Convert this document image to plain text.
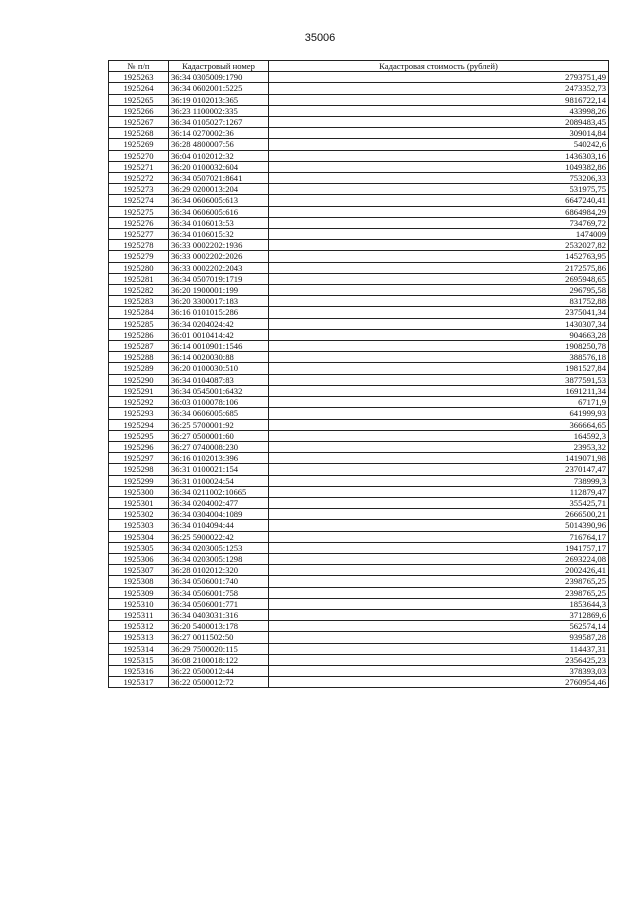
35006
№ п/п	Кадастровый номер	Кадастровая стоимость (рублей)
1925263	36:34 0305009:1790	2793751,49
1925264	36:34 0602001:5225	2473352,73
1925265	36:19 0102013:365	9816722,14
1925266	36:23 1100002:335	433998,26
1925267	36:34 0105027:1267	2089483,45
1925268	36:14 0270002:36	309014,84
1925269	36:28 4800007:56	540242,6
1925270	36:04 0102012:32	1436303,16
1925271	36:20 0100032:604	1049382,86
1925272	36:34 0507021:8641	753206,33
1925273	36:29 0200013:204	531975,75
1925274	36:34 0606005:613	6647240,41
1925275	36:34 0606005:616	6864984,29
1925276	36:34 0106013:53	734769,72
1925277	36:34 0106015:32	1474009
1925278	36:33 0002202:1936	2532027,82
1925279	36:33 0002202:2026	1452763,95
1925280	36:33 0002202:2043	2172575,86
1925281	36:34 0507019:1719	2695948,65
1925282	36:20 1900001:199	296795,58
1925283	36:20 3300017:183	831752,88
1925284	36:16 0101015:286	2375041,34
1925285	36:34 0204024:42	1430307,34
1925286	36:01 0010414:42	904663,28
1925287	36:14 0010901:1546	1908250,78
1925288	36:14 0020030:88	388576,18
1925289	36:20 0100030:510	1981527,84
1925290	36:34 0104087:83	3877591,53
1925291	36:34 0545001:6432	1691211,34
1925292	36:03 0100078:106	67171,9
1925293	36:34 0606005:685	641999,93
1925294	36:25 5700001:92	366664,65
1925295	36:27 0500001:60	164592,3
1925296	36:27 0740008:230	23953,32
1925297	36:16 0102013:396	1419071,98
1925298	36:31 0100021:154	2370147,47
1925299	36:31 0100024:54	738999,3
1925300	36:34 0211002:10665	112879,47
1925301	36:34 0204002:477	355425,71
1925302	36:34 0304004:1089	2666500,21
1925303	36:34 0104094:44	5014390,96
1925304	36:25 5900022:42	716764,17
1925305	36:34 0203005:1253	1941757,17
1925306	36:34 0203005:1298	2693224,08
1925307	36:28 0102012:320	2002426,41
1925308	36:34 0506001:740	2398765,25
1925309	36:34 0506001:758	2398765,25
1925310	36:34 0506001:771	1853644,3
1925311	36:34 0403031:316	3712869,6
1925312	36:20 5400013:178	562574,14
1925313	36:27 0011502:50	939587,28
1925314	36:29 7500020:115	114437,31
1925315	36:08 2100018:122	2356425,23
1925316	36:22 0500012:44	378393,03
1925317	36:22 0500012:72	2760954,46
